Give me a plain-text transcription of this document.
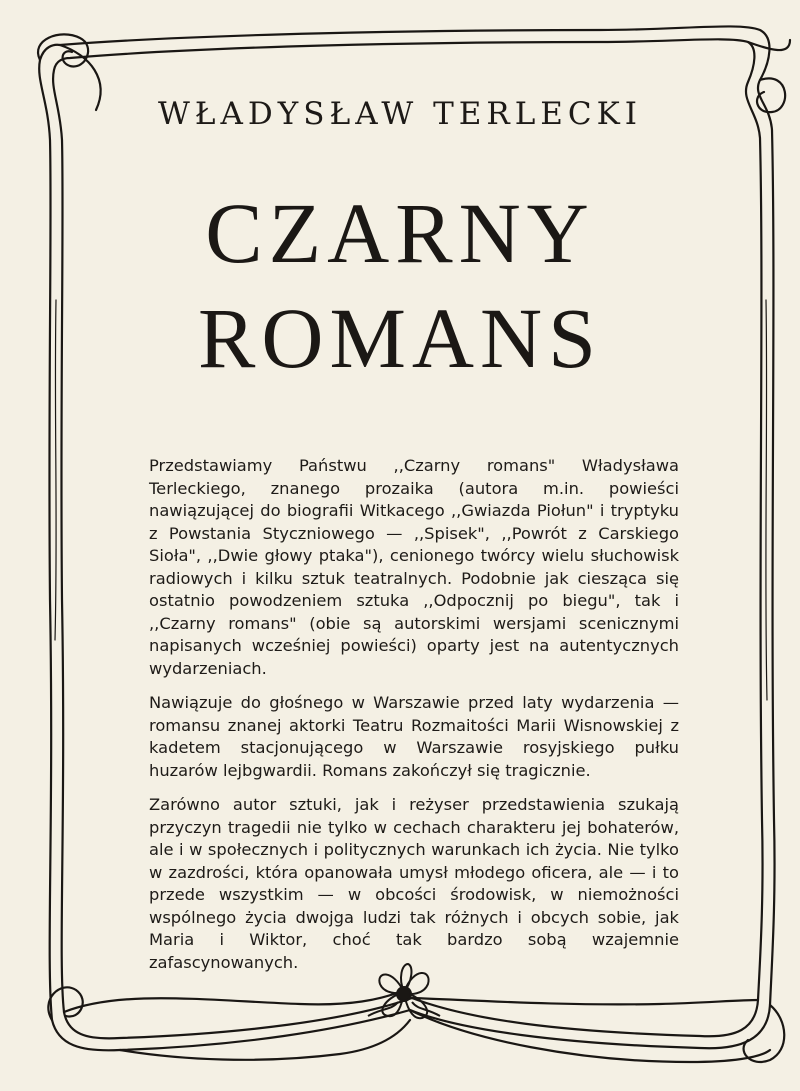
WŁADYSŁAW TERLECKI
CZARNY
ROMANS

Przedstawiamy Państwu ,,Czarny romans" Władysława Terleckiego, znanego prozaika (autora m.in. powieści nawiązującej do biografii Witkacego ,,Gwiazda Piołun" i tryptyku z Powstania Styczniowego — ,,Spisek", ,,Powrót z Carskiego Sioła", ,,Dwie głowy ptaka"), cenionego twórcy wielu słuchowisk radiowych i kilku sztuk teatralnych. Podobnie jak ciesząca się ostatnio powodzeniem sztuka ,,Odpocznij po biegu", tak i ,,Czarny romans" (obie są autorskimi wersjami scenicznymi napisanych wcześniej powieści) oparty jest na autentycznych wydarzeniach.

Nawiązuje do głośnego w Warszawie przed laty wydarzenia — romansu znanej aktorki Teatru Rozmaitości Marii Wisnowskiej z kadetem stacjonującego w Warszawie rosyjskiego pułku huzarów lejbgwardii. Romans zakończył się tragicznie.

Zarówno autor sztuki, jak i reżyser przedstawienia szukają przyczyn tragedii nie tylko w cechach charakteru jej bohaterów, ale i w społecznych i politycznych warunkach ich życia. Nie tylko w zazdrości, która opanowała umysł młodego oficera, ale — i to przede wszystkim — w obcości środowisk, w niemożności wspólnego życia dwojga ludzi tak różnych i obcych sobie, jak Maria i Wiktor, choć tak bardzo sobą wzajemnie zafascynowanych.
